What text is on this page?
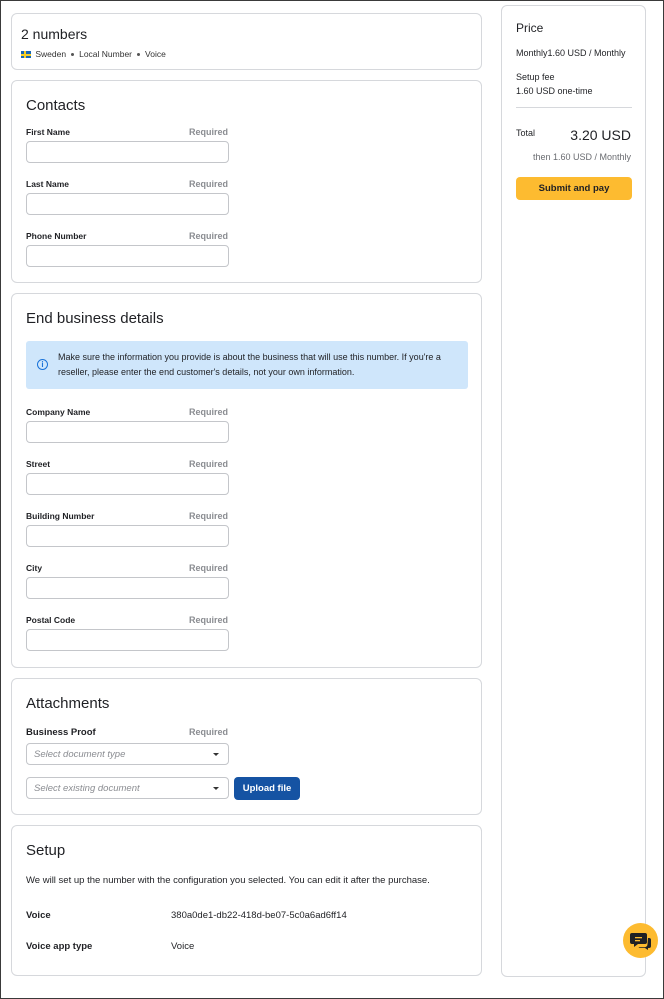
2 numbers
Sweden Local Number Voice
Contacts
First Name	Required
Last Name	Required
Phone Number	Required
End business details
i
Make sure the information you provide is about the business that will use this number. If you're a reseller, please enter the end customer's details, not your own information.
Company Name	Required
Street	Required
Building Number	Required
City	Required
Postal Code	Required
Attachments
Business Proof	Required
Select document type
Select existing document	Upload file
Setup
We will set up the number with the configuration you selected. You can edit it after the purchase.
Voice	380a0de1-db22-418d-be07-5c0a6ad6ff14
Voice app type	Voice
Price
Monthly1.60 USD / Monthly
Setup fee
1.60 USD one-time
Total	3.20 USD
then 1.60 USD / Monthly
Submit and pay
